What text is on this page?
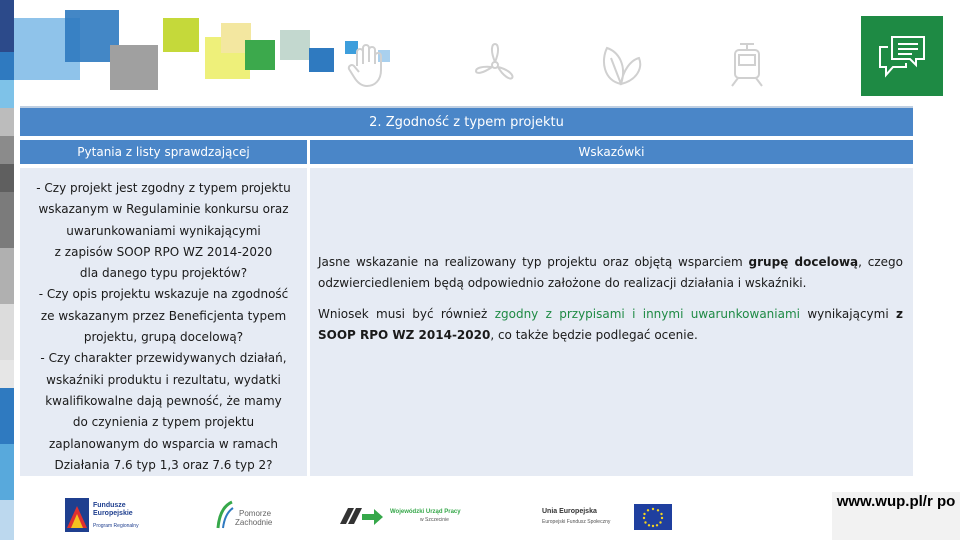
2. Zgodność z typem projektu
Pytania z listy sprawdzającej	Wskazówki
- Czy projekt jest zgodny z typem projektu
wskazanym w Regulaminie konkursu oraz
uwarunkowaniami wynikającymi
z zapisów SOOP RPO WZ 2014-2020
dla danego typu projektów?
- Czy opis projektu wskazuje na zgodność
ze wskazanym przez Beneficjenta typem
projektu, grupą docelową?
- Czy charakter przewidywanych działań,
wskaźniki produktu i rezultatu, wydatki
kwalifikowalne dają pewność, że mamy
do czynienia z typem projektu
zaplanowanym do wsparcia w ramach
Działania 7.6 typ 1,3 oraz 7.6 typ 2?

Jasne wskazanie na realizowany typ projektu oraz objętą wsparciem grupę docelową, czego odzwierciedleniem będą odpowiednio założone do realizacji działania i wskaźniki.

Wniosek musi być również zgodny z przypisami i innymi uwarunkowaniami wynikającymi z SOOP RPO WZ 2014-2020, co także będzie podlegać ocenie.

Fundusze
Europejskie
Program Regionalny
Pomorze
Zachodnie
Wojewódzki Urząd Pracy
w Szczecinie
Unia Europejska
Europejski Fundusz Społeczny
www.wup.pl/r po
